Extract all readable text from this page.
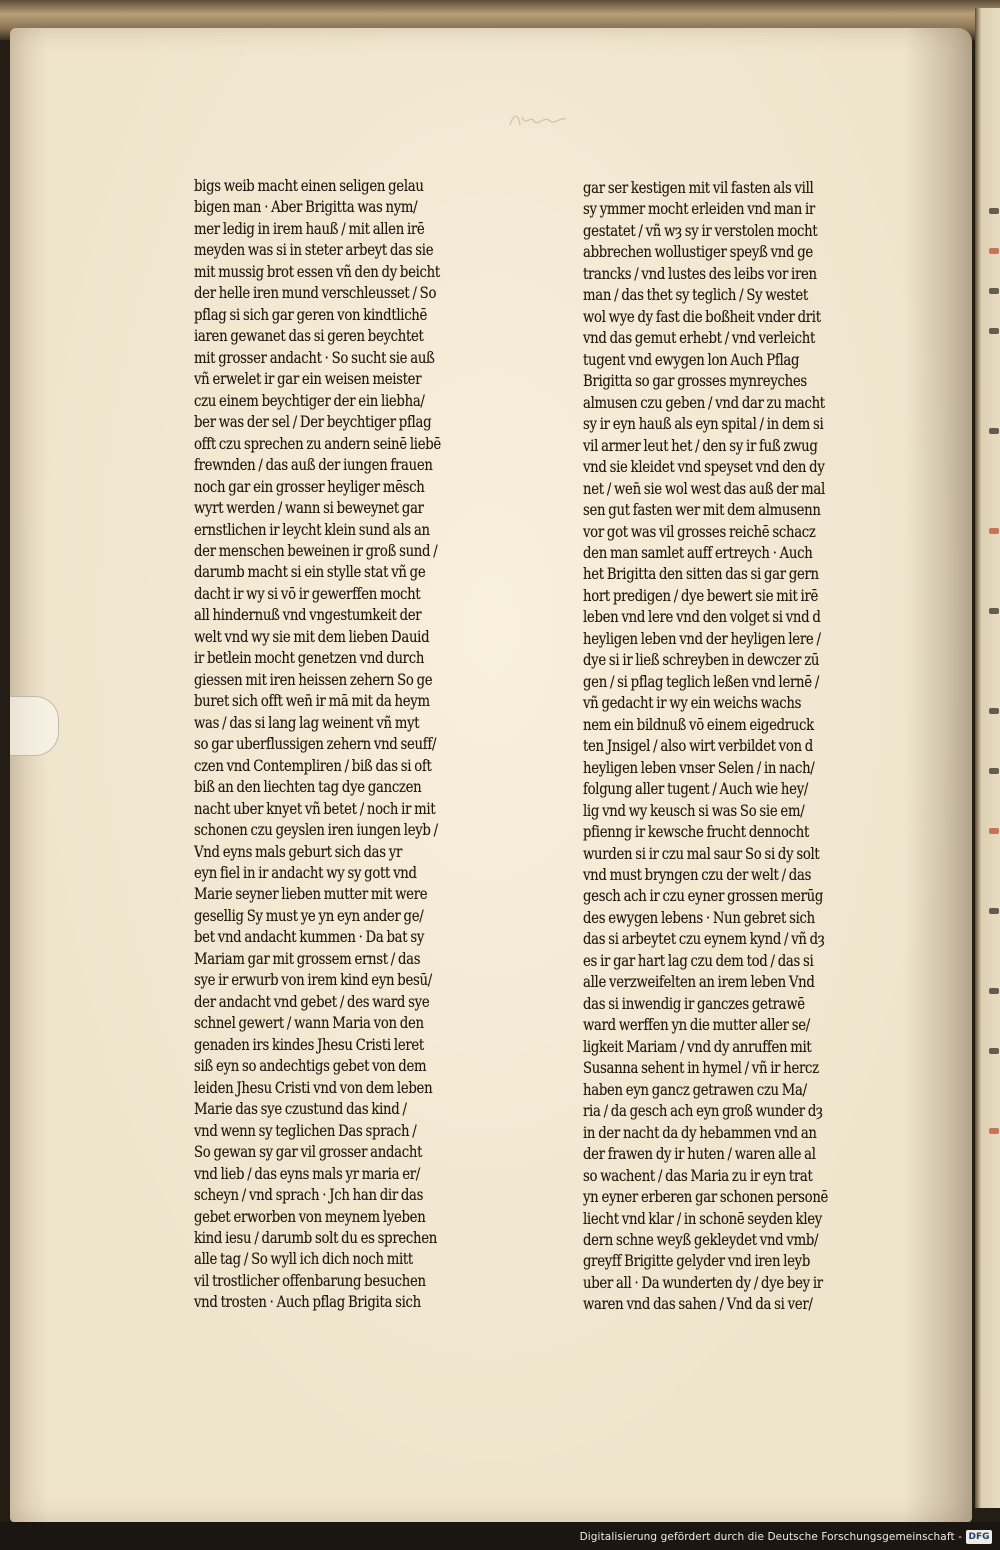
bigs weib macht einen seligen gelau
bigen man · Aber Brigitta was nym/
mer ledig in irem hauß / mit allen irē
meyden was si in steter arbeyt das sie
mit mussig brot essen vñ den dy beicht
der helle iren mund verschleusset / So
pflag si sich gar geren von kindtlichē
iaren gewanet das si geren beychtet
mit grosser andacht · So sucht sie auß
vñ erwelet ir gar ein weisen meister
czu einem beychtiger der ein liebha/
ber was der sel / Der beychtiger pflag
offt czu sprechen zu andern seinē liebē
frewnden / das auß der iungen frauen
noch gar ein grosser heyliger mēsch
wyrt werden / wann si beweynet gar
ernstlichen ir leycht klein sund als an
der menschen beweinen ir groß sund /
darumb macht si ein stylle stat vñ ge
dacht ir wy si vō ir gewerffen mocht
all hindernuß vnd vngestumkeit der
welt vnd wy sie mit dem lieben Dauid
ir betlein mocht genetzen vnd durch
giessen mit iren heissen zehern So ge
buret sich offt wen̄ ir mā mit da heym
was / das si lang lag weinent vñ myt
so gar uberflussigen zehern vnd seuff/
czen vnd Contempliren / biß das si oft
biß an den liechten tag dye ganczen
nacht uber knyet vñ betet / noch ir mit
schonen czu geyslen iren iungen leyb /
Vnd eyns mals geburt sich das yr
eyn fiel in ir andacht wy sy gott vnd
Marie seyner lieben mutter mit were
gesellig Sy must ye yn eyn ander ge/
bet vnd andacht kummen · Da bat sy
Mariam gar mit grossem ernst / das
sye ir erwurb von irem kind eyn besū/
der andacht vnd gebet / des ward sye
schnel gewert / wann Maria von den
genaden irs kindes Jhesu Cristi leret
siß eyn so andechtigs gebet von dem
leiden Jhesu Cristi vnd von dem leben
Marie das sye czustund das kind /
vnd wenn sy teglichen Das sprach /
So gewan sy gar vil grosser andacht
vnd lieb / das eyns mals yr maria er/
scheyn / vnd sprach · Jch han dir das
gebet erworben von meynem lyeben
kind iesu / darumb solt du es sprechen
alle tag / So wyll ich dich noch mitt
vil trostlicher offenbarung besuchen
vnd trosten · Auch pflag Brigita sich
gar ser kestigen mit vil fasten als vill
sy ymmer mocht erleiden vnd man ir
gestatet / vñ wȝ sy ir verstolen mocht
abbrechen wollustiger speyß vnd ge
trancks / vnd lustes des leibs vor iren
man / das thet sy teglich / Sy westet
wol wye dy fast die boßheit vnder drit
vnd das gemut erhebt / vnd verleicht
tugent vnd ewygen lon Auch Pflag
Brigitta so gar grosses mynreyches
almusen czu geben / vnd dar zu macht
sy ir eyn hauß als eyn spital / in dem si
vil armer leut het / den sy ir fuß zwug
vnd sie kleidet vnd speyset vnd den dy
net / wen̄ sie wol west das auß der mal
sen gut fasten wer mit dem almusenn
vor got was vil grosses reichē schacz
den man samlet auff ertreych · Auch
het Brigitta den sitten das si gar gern
hort predigen / dye bewert sie mit irē
leben vnd lere vnd den volget si vnd d
heyligen leben vnd der heyligen lere /
dye si ir ließ schreyben in dewczer zū
gen / si pflag teglich leßen vnd lernē /
vñ gedacht ir wy ein weichs wachs
nem ein bildnuß vō einem eigedruck
ten Jnsigel / also wirt verbildet von d
heyligen leben vnser Selen / in nach/
folgung aller tugent / Auch wie hey/
lig vnd wy keusch si was So sie em/
pfienng ir kewsche frucht dennocht
wurden si ir czu mal saur So si dy solt
vnd must bryngen czu der welt / das
gesch ach ir czu eyner grossen merūg
des ewygen lebens · Nun gebret sich
das si arbeytet czu eynem kynd / vñ dȝ
es ir gar hart lag czu dem tod / das si
alle verzweifelten an irem leben Vnd
das si inwendig ir ganczes getrawē
ward werffen yn die mutter aller se/
ligkeit Mariam / vnd dy anruffen mit
Susanna sehent in hymel / vñ ir hercz
haben eyn gancz getrawen czu Ma/
ria / da gesch ach eyn groß wunder dȝ
in der nacht da dy hebammen vnd an
der frawen dy ir huten / waren alle al
so wachent / das Maria zu ir eyn trat
yn eyner erberen gar schonen personē
liecht vnd klar / in schonē seyden kley
dern schne weyß gekleydet vnd vmb/
greyff Brigitte gelyder vnd iren leyb
uber all · Da wunderten dy / dye bey ir
waren vnd das sahen / Vnd da si ver/
Digitalisierung gefördert durch die Deutsche Forschungsgemeinschaft - DFG
